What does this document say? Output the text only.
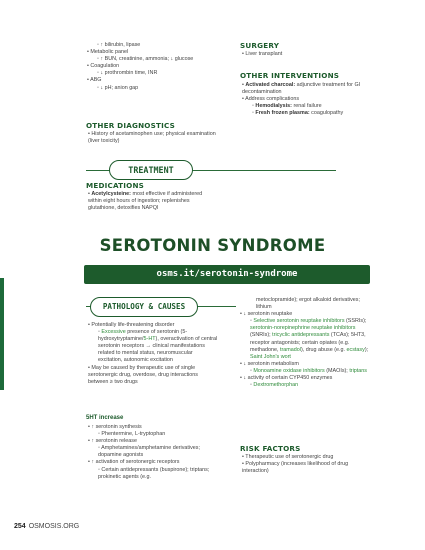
◦ ↑ bilirubin, lipase
• Metabolic panel
◦ ↑ BUN, creatinine, ammonia; ↓ glucose
• Coagulation
◦ ↓ prothrombin time, INR
• ABG
◦ ↓ pH; anion gap
OTHER DIAGNOSTICS
• History of acetaminophen use; physical examination (liver toxicity)
TREATMENT
MEDICATIONS
• Acetylcysteine: most effective if administered within eight hours of ingestion; replenishes glutathione, detoxifies NAPQI
SURGERY
• Liver transplant
OTHER INTERVENTIONS
• Activated charcoal: adjunctive treatment for GI decontamination
• Address complications
◦ Hemodialysis: renal failure
◦ Fresh frozen plasma: coagulopathy
SEROTONIN SYNDROME
osms.it/serotonin-syndrome
PATHOLOGY & CAUSES
• Potentially life-threatening disorder
◦ Excessive presence of serotonin (5-hydroxytryptamine/5-HT), overactivation of central serotonin receptors → clinical manifestations related to mental status, neuromuscular excitation, autonomic excitation
• May be caused by therapeutic use of single serotonergic drug, overdose, drug interactions between ≥ two drugs
5HT increase
• ↑ serotonin synthesis
◦ Phentermine, L-tryptophan
• ↑ serotonin release
◦ Amphetamines/amphetamine derivatives; dopamine agonists
• ↑ activation of serotonergic receptors
◦ Certain antidepressants (buspirone); triptans; prokinetic agents (e.g.
metoclopramide); ergot alkaloid derivatives; lithium
• ↓ serotonin reuptake
◦ Selective serotonin reuptake inhibitors (SSRIs); serotonin-norepinephrine reuptake inhibitors (SNRIs); tricyclic antidepressants (TCAs); 5HT3, receptor antagonists; certain opiates (e.g. methadone, tramadol), drug abuse (e.g. ecstasy); Saint John's wort
• ↓ serotonin metabolism
◦ Monoamine oxidase inhibitors (MAOIs); triptans
• ↓ activity of certain CYP450 enzymes
◦ Dextromethorphan
RISK FACTORS
• Therapeutic use of serotonergic drug
• Polypharmacy (increases likelihood of drug interaction)
254 OSMOSIS.ORG
